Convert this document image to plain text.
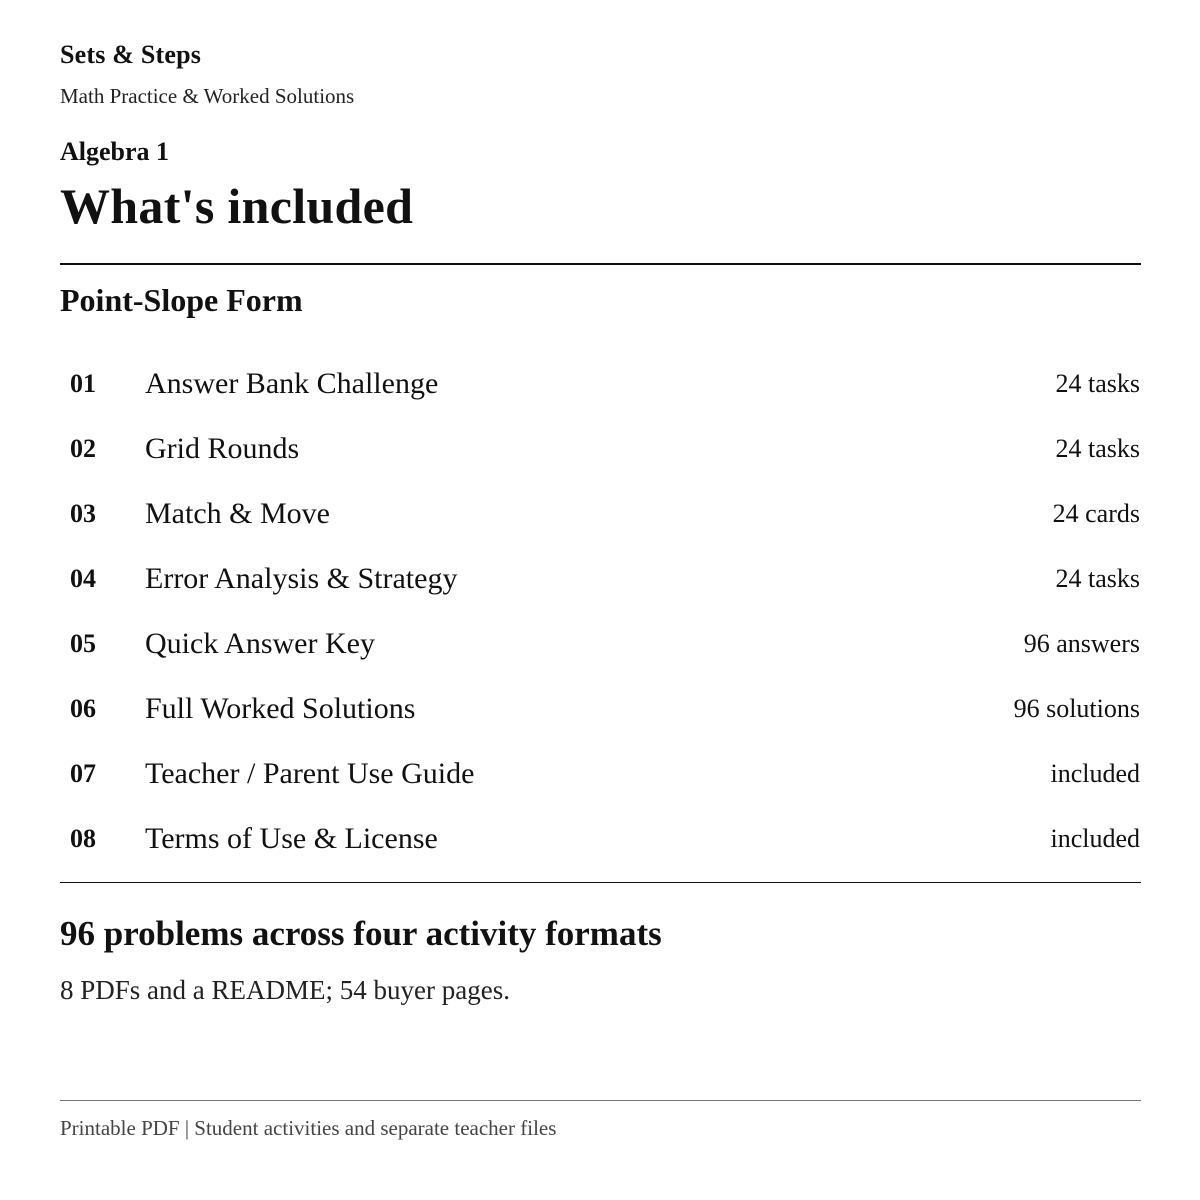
Sets & Steps
Math Practice & Worked Solutions
Algebra 1
What's included
Point-Slope Form
01 Answer Bank Challenge	24 tasks
02 Grid Rounds	24 tasks
03 Match & Move	24 cards
04 Error Analysis & Strategy	24 tasks
05 Quick Answer Key	96 answers
06 Full Worked Solutions	96 solutions
07 Teacher / Parent Use Guide	included
08 Terms of Use & License	included
96 problems across four activity formats
8 PDFs and a README; 54 buyer pages.
Printable PDF | Student activities and separate teacher files
